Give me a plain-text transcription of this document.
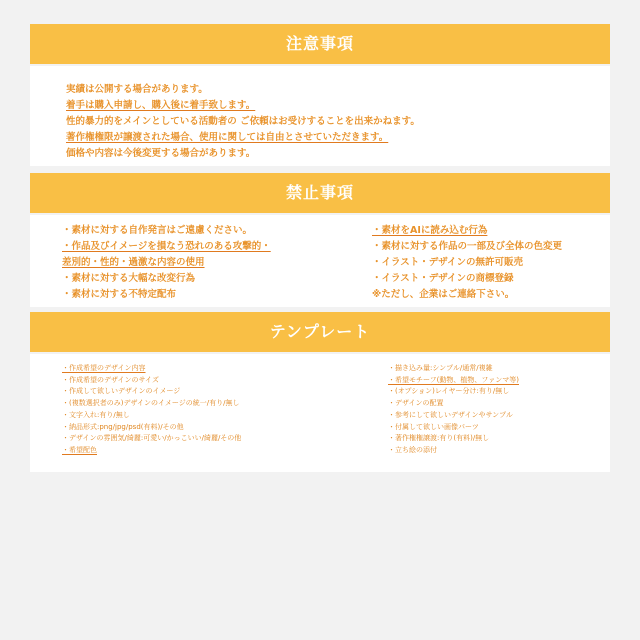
注意事項
実績は公開する場合があります。
着手は購入申請し、購入後に着手致します。
性的暴力的をメインとしている活動者の ご依頼はお受けすることを出来かねます。
著作権権限が譲渡された場合、使用に関しては自由とさせていただきます。
価格や内容は今後変更する場合があります。
禁止事項
・素材に対する自作発言はご遠慮ください。
・作品及びイメージを損なう恐れのある攻撃的・
差別的・性的・過激な内容の使用
・素材に対する大幅な改変行為
・素材に対する不特定配布
・素材をAIに読み込む行為
・素材に対する作品の一部及び全体の色変更
・イラスト・デザインの無許可販売
・イラスト・デザインの商標登録
※ただし、企業はご連絡下さい。
テンプレート
・作成希望のデザイン内容
・作成希望のデザインのサイズ
・作成して欲しいデザインのイメージ
・(複数選択者のみ)デザインのイメージの統一/有り/無し
・文字入れ:有り/無し
・納品形式:png/jpg/psd(有料)/その他
・デザインの雰囲気/綺麗:可愛い/かっこいい/綺麗/その他
・希望配色
・描き込み量:シンプル/通常/複雑
・希望モチーフ(動物、植物、ファンマ等)
・(オプション)レイヤー分け:有り/無し
・デザインの配置
・参考にして欲しいデザインやサンプル
・付属して欲しい画像パーツ
・著作権権譲渡:有り(有料)/無し
・立ち絵の添付
